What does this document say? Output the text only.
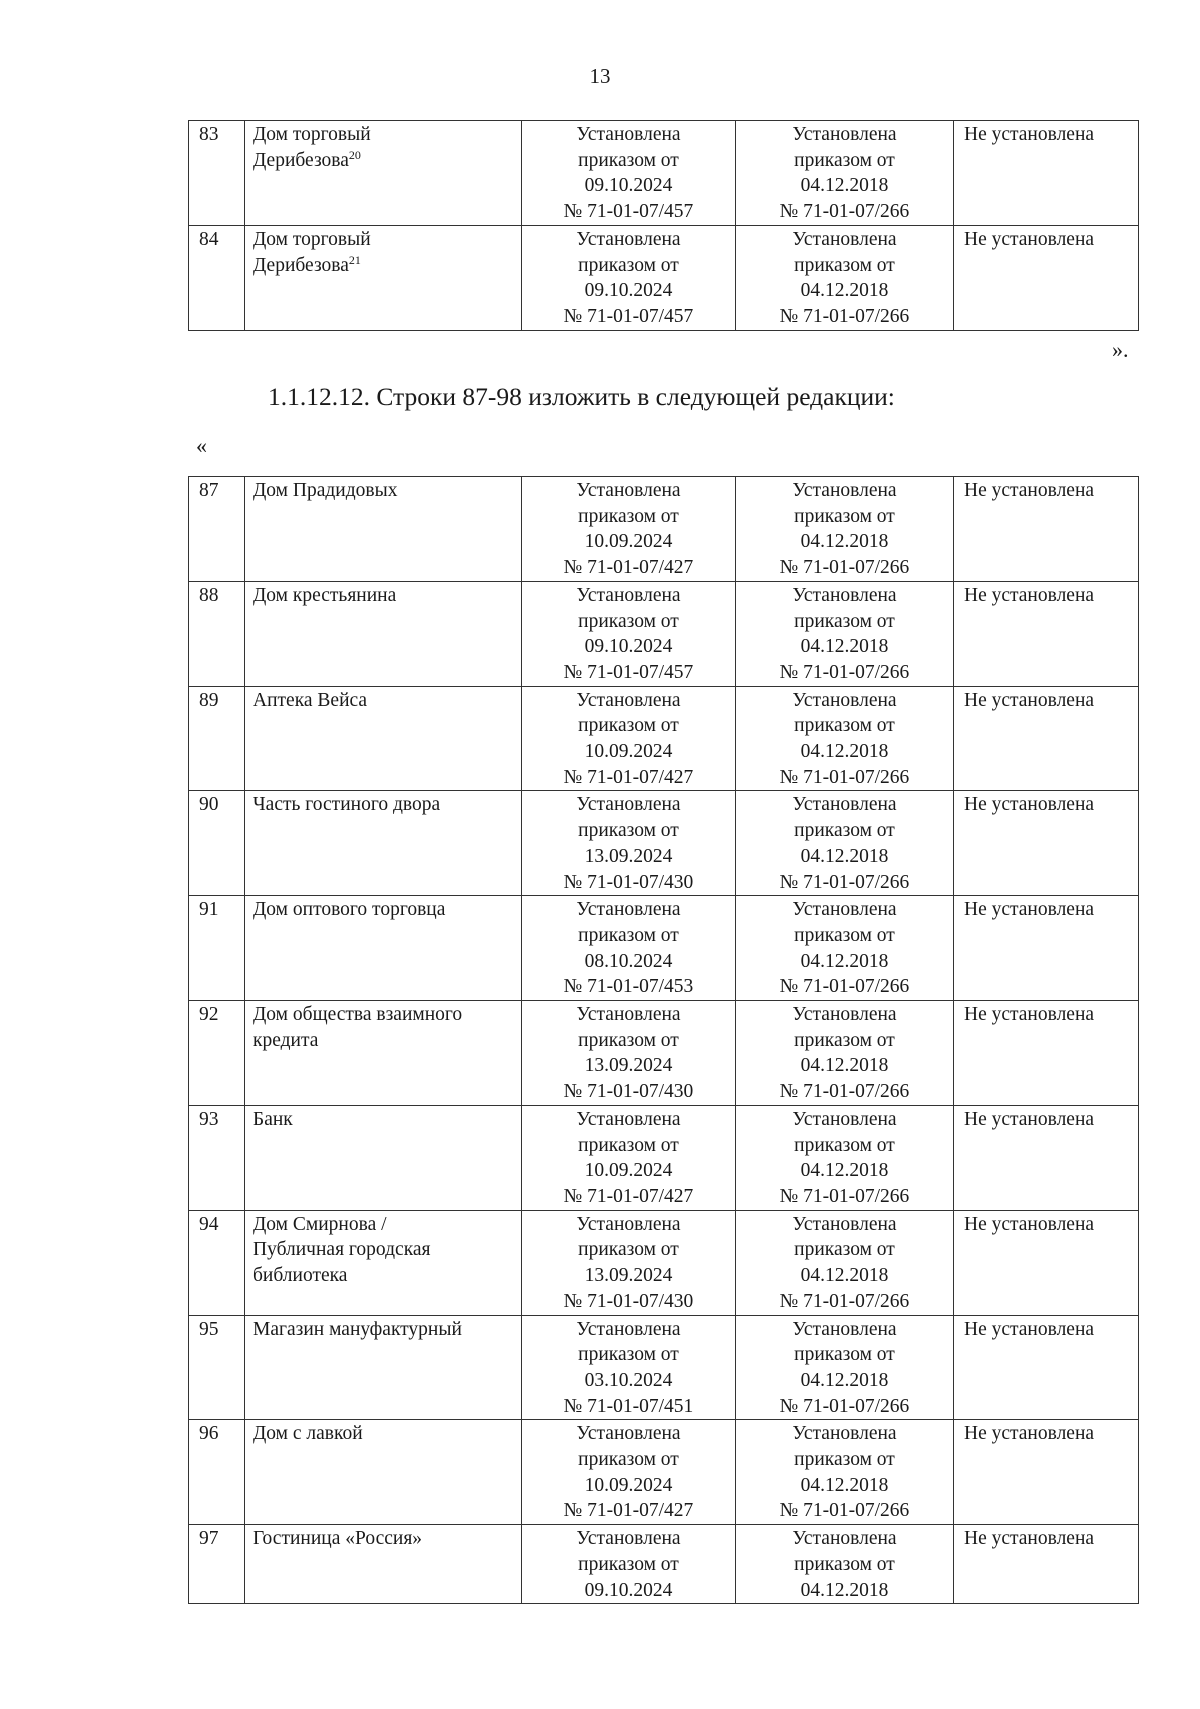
13
83	Дом торговый
Дерибезова$^{20}$	Установлена
приказом от
09.10.2024
№ 71-01-07/457	Установлена
приказом от
04.12.2018
№ 71-01-07/266	Не установлена
84	Дом торговый
Дерибезова$^{21}$	Установлена
приказом от
09.10.2024
№ 71-01-07/457	Установлена
приказом от
04.12.2018
№ 71-01-07/266	Не установлена
».
1.1.12.12. Строки 87-98 изложить в следующей редакции:
«
87	Дом Прадидовых	Установлена
приказом от
10.09.2024
№ 71-01-07/427	Установлена
приказом от
04.12.2018
№ 71-01-07/266	Не установлена
88	Дом крестьянина	Установлена
приказом от
09.10.2024
№ 71-01-07/457	Установлена
приказом от
04.12.2018
№ 71-01-07/266	Не установлена
89	Аптека Вейса	Установлена
приказом от
10.09.2024
№ 71-01-07/427	Установлена
приказом от
04.12.2018
№ 71-01-07/266	Не установлена
90	Часть гостиного двора	Установлена
приказом от
13.09.2024
№ 71-01-07/430	Установлена
приказом от
04.12.2018
№ 71-01-07/266	Не установлена
91	Дом оптового торговца	Установлена
приказом от
08.10.2024
№ 71-01-07/453	Установлена
приказом от
04.12.2018
№ 71-01-07/266	Не установлена
92	Дом общества взаимного
кредита	Установлена
приказом от
13.09.2024
№ 71-01-07/430	Установлена
приказом от
04.12.2018
№ 71-01-07/266	Не установлена
93	Банк	Установлена
приказом от
10.09.2024
№ 71-01-07/427	Установлена
приказом от
04.12.2018
№ 71-01-07/266	Не установлена
94	Дом Смирнова /
Публичная городская
библиотека	Установлена
приказом от
13.09.2024
№ 71-01-07/430	Установлена
приказом от
04.12.2018
№ 71-01-07/266	Не установлена
95	Магазин мануфактурный	Установлена
приказом от
03.10.2024
№ 71-01-07/451	Установлена
приказом от
04.12.2018
№ 71-01-07/266	Не установлена
96	Дом с лавкой	Установлена
приказом от
10.09.2024
№ 71-01-07/427	Установлена
приказом от
04.12.2018
№ 71-01-07/266	Не установлена
97	Гостиница «Россия»	Установлена
приказом от
09.10.2024	Установлена
приказом от
04.12.2018	Не установлена
